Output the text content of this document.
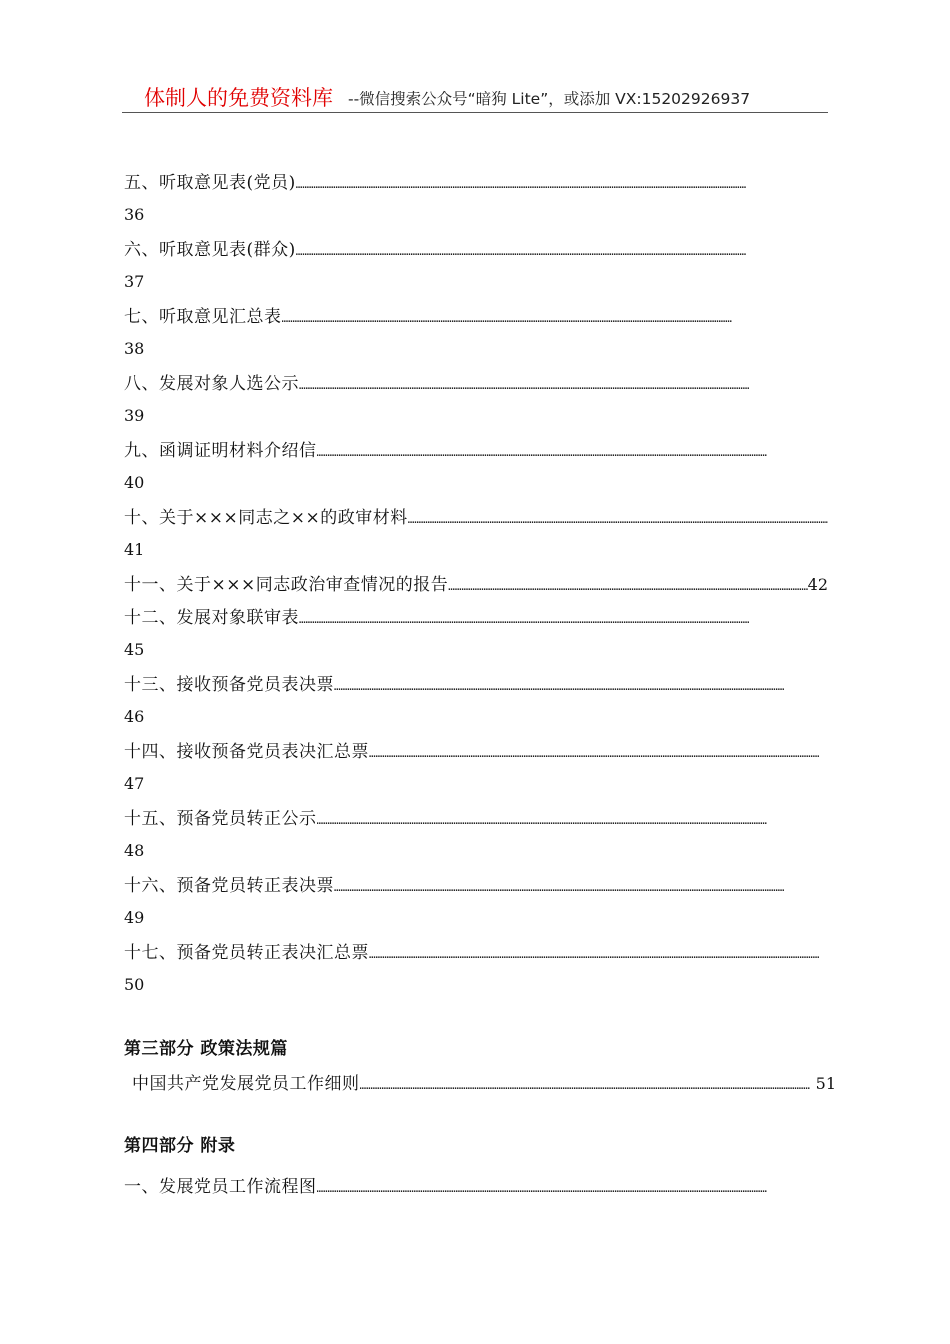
体制人的免费资料库 --微信搜索公众号“暗狗 Lite”，或添加 VX:15202926937
五、听取意见表(党员)
……………………………………………………………………………………………………………………………………………………………………………………
36
六、听取意见表(群众)
……………………………………………………………………………………………………………………………………………………………………………………
37
七、听取意见汇总表
……………………………………………………………………………………………………………………………………………………………………………………
38
八、发展对象人选公示
……………………………………………………………………………………………………………………………………………………………………………………
39
九、函调证明材料介绍信
……………………………………………………………………………………………………………………………………………………………………………………
40
十、关于×××同志之××的政审材料
……………………………………………………………………………………………………………………………………………………………………………………
41
十一、关于×××同志政治审查情况的报告 ……………………………………………………………………………………………………………………………………………………………………………………	42
十二、发展对象联审表
……………………………………………………………………………………………………………………………………………………………………………………
45
十三、接收预备党员表决票
……………………………………………………………………………………………………………………………………………………………………………………
46
十四、接收预备党员表决汇总票
……………………………………………………………………………………………………………………………………………………………………………………
47
十五、预备党员转正公示
……………………………………………………………………………………………………………………………………………………………………………………
48
十六、预备党员转正表决票
……………………………………………………………………………………………………………………………………………………………………………………
49
十七、预备党员转正表决汇总票
……………………………………………………………………………………………………………………………………………………………………………………
50
第三部分 政策法规篇
中国共产党发展党员工作细则 ……………………………………………………………………………………………………………………………………………………………………………………	51
第四部分 附录
一、发展党员工作流程图
……………………………………………………………………………………………………………………………………………………………………………………
